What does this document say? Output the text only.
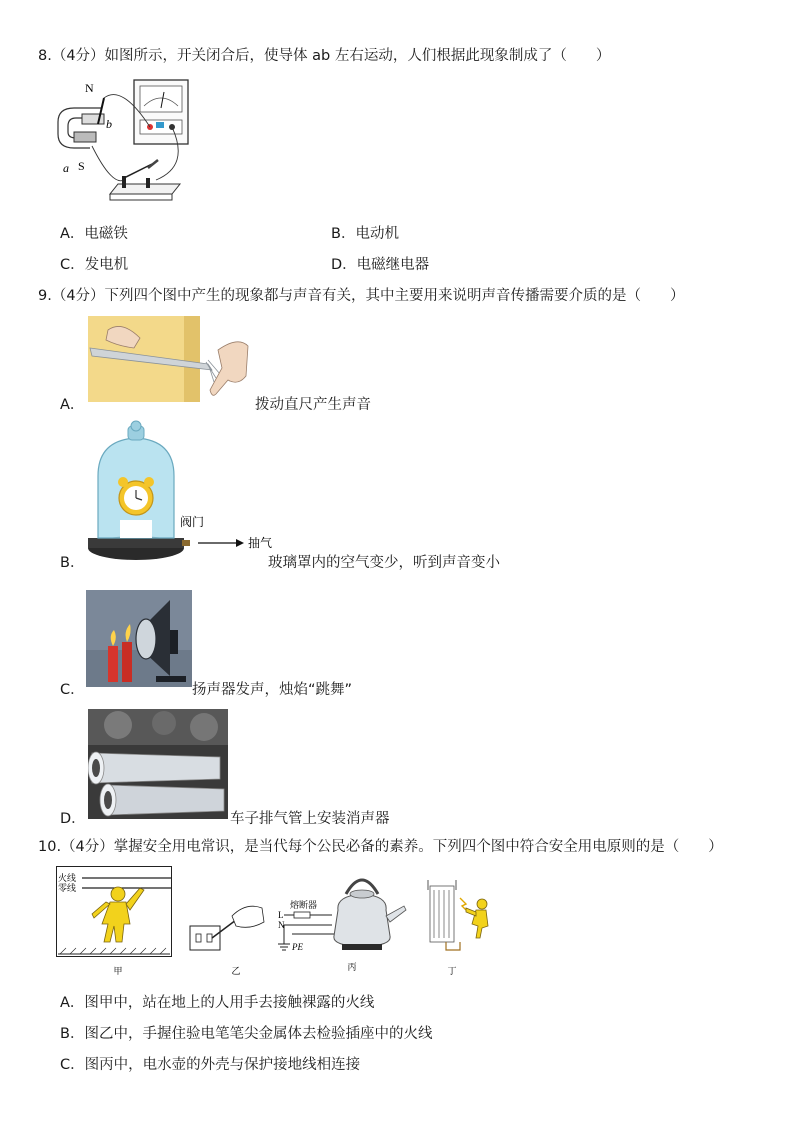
8.（4分）如图所示，开关闭合后，使导体 ab 左右运动，人们根据此现象制成了（　　）
N
b
a S
A．电磁铁	B．电动机
C．发电机	D．电磁继电器
9.（4分）下列四个图中产生的现象都与声音有关，其中主要用来说明声音传播需要介质的是（　　）
A．	拨动直尺产生声音
B．
阀门
抽气
玻璃罩内的空气变少，听到声音变小
C．	扬声器发声，烛焰“跳舞”
D．	车子排气管上安装消声器
10.（4分）掌握安全用电常识，是当代每个公民必备的素养。下列四个图中符合安全用电原则的是（　　）
火线
零线
甲	乙
熔断器
L
N
PE
丙	丁
A．图甲中，站在地上的人用手去接触裸露的火线
B．图乙中，手握住验电笔笔尖金属体去检验插座中的火线
C．图丙中，电水壶的外壳与保护接地线相连接
